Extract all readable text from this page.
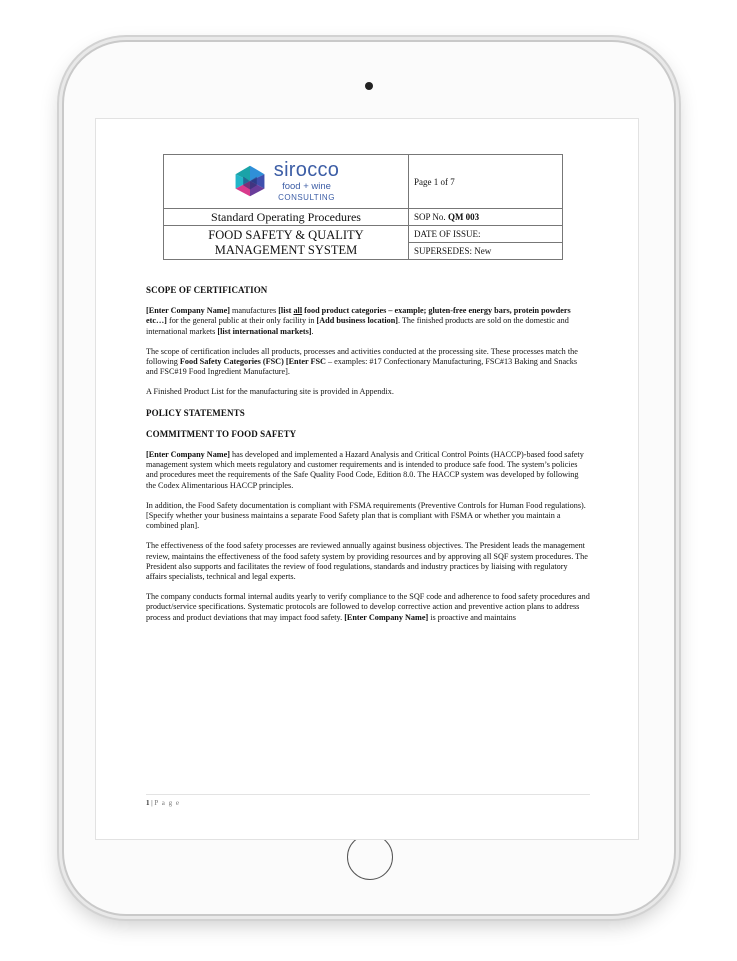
sirocco
food + wine
CONSULTING	Page 1 of 7
Standard Operating Procedures	SOP No. QM 003
FOOD SAFETY & QUALITY MANAGEMENT SYSTEM	DATE OF ISSUE:
	SUPERSEDES: New
SCOPE OF CERTIFICATION

[Enter Company Name] manufactures [list all food product categories – example; gluten-free energy bars, protein powders etc…] for the general public at their only facility in [Add business location]. The finished products are sold on the domestic and international markets [list international markets].

The scope of certification includes all products, processes and activities conducted at the processing site. These processes match the following Food Safety Categories (FSC) [Enter FSC – examples: #17 Confectionary Manufacturing, FSC#13 Baking and Snacks and FSC#19 Food Ingredient Manufacture].

A Finished Product List for the manufacturing site is provided in Appendix.

POLICY STATEMENTS
COMMITMENT TO FOOD SAFETY

[Enter Company Name] has developed and implemented a Hazard Analysis and Critical Control Points (HACCP)-based food safety management system which meets regulatory and customer requirements and is intended to produce safe food. The system’s policies and procedures meet the requirements of the Safe Quality Food Code, Edition 8.0. The HACCP system was developed by following the Codex Alimentarious HACCP principles.

In addition, the Food Safety documentation is compliant with FSMA requirements (Preventive Controls for Human Food regulations). [Specify whether your business maintains a separate Food Safety plan that is compliant with FSMA or whether you maintain a combined plan].

The effectiveness of the food safety processes are reviewed annually against business objectives. The President leads the management review, maintains the effectiveness of the food safety system by providing resources and by approving all SQF system procedures. The President also supports and facilitates the review of food regulations, standards and industry practices by liaising with regulatory affairs specialists, technical and legal experts.

The company conducts formal internal audits yearly to verify compliance to the SQF code and adherence to food safety procedures and product/service specifications. Systematic protocols are followed to develop corrective action and preventive action plans to address process and product deviations that may impact food safety. [Enter Company Name] is proactive and maintains

1 | P a g e
